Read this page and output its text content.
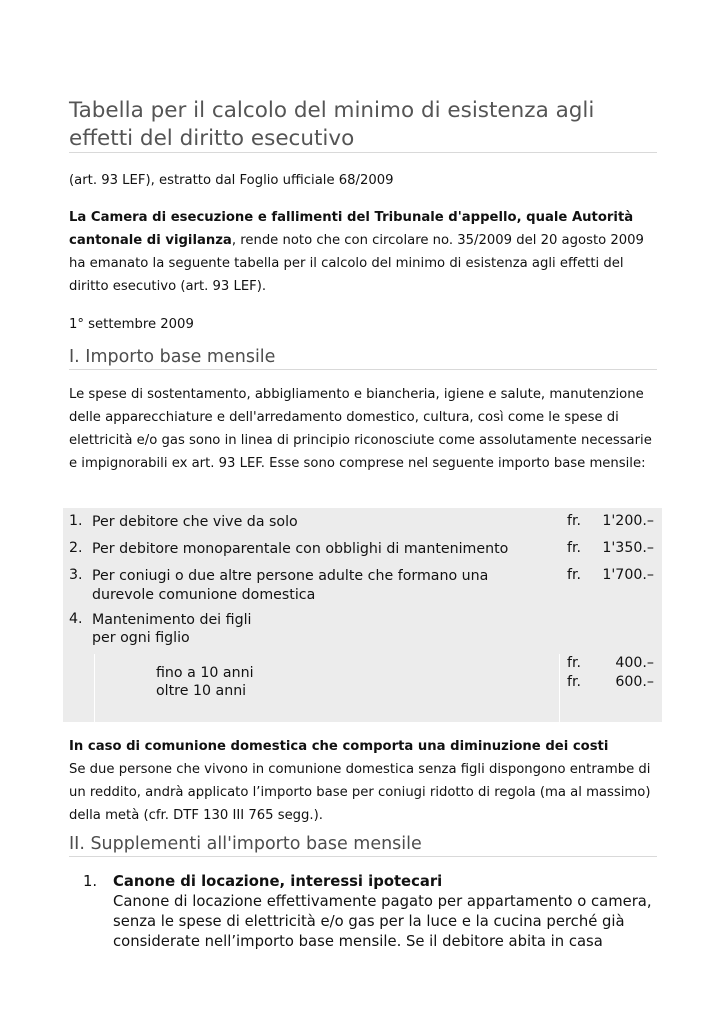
Tabella per il calcolo del minimo di esistenza agli effetti del diritto esecutivo

(art. 93 LEF), estratto dal Foglio ufficiale 68/2009

La Camera di esecuzione e fallimenti del Tribunale d'appello, quale Autorità cantonale di vigilanza, rende noto che con circolare no. 35/2009 del 20 agosto 2009 ha emanato la seguente tabella per il calcolo del minimo di esistenza agli effetti del diritto esecutivo (art. 93 LEF).

1° settembre 2009

I. Importo base mensile

Le spese di sostentamento, abbigliamento e biancheria, igiene e salute, manutenzione delle apparecchiature e dell'arredamento domestico, cultura, così come le spese di elettricità e/o gas sono in linea di principio riconosciute come assolutamente necessarie e impignorabili ex art. 93 LEF. Esse sono comprese nel seguente importo base mensile:

1. Per debitore che vive da solo	fr. 1'200.–
2. Per debitore monoparentale con obblighi di mantenimento	fr. 1'350.–
3. Per coniugi o due altre persone adulte che formano una durevole comunione domestica
fr. 1'700.–
4. Mantenimento dei figli
per ogni figlio
fino a 10 anni
fr. 400.–
oltre 10 anni
fr. 600.–

In caso di comunione domestica che comporta una diminuzione dei costi

Se due persone che vivono in comunione domestica senza figli dispongono entrambe di un reddito, andrà applicato l’importo base per coniugi ridotto di regola (ma al massimo) della metà (cfr. DTF 130 III 765 segg.).

II. Supplementi all'importo base mensile
1. Canone di locazione, interessi ipotecari
Canone di locazione effettivamente pagato per appartamento o camera, senza le spese di elettricità e/o gas per la luce e la cucina perché già considerate nell’importo base mensile. Se il debitore abita in casa
